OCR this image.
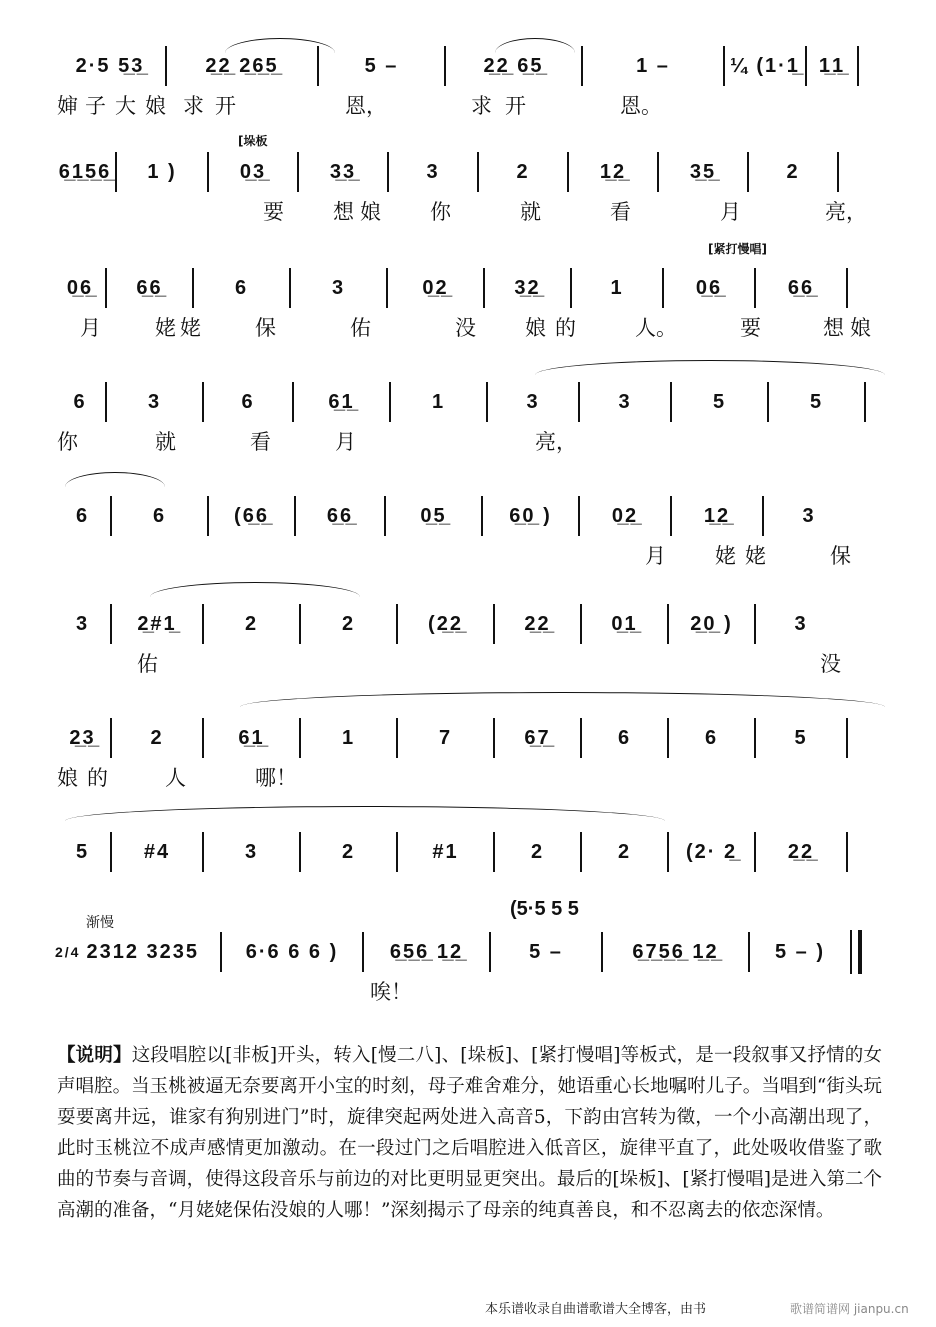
2·5 5̲3̲	2̲2̲ 2̲6̲5̲	5 –	2̲2̲ 6̲5̲	1 –	¼ (1·1̲ 1̲1̲
婶 子 大 娘 求 开	恩，	求 开	恩。
[垛板
6̲1̲5̲6̲	1 )	0̲3̲	3̲3̲	3	2	1̲2̲	3̲5̲	2
要 想 娘 你	就	看	月	亮，
[紧打慢唱]
0̲6̲	6̲6̲	6	3	0̲2̲	3̲2̲	1	0̲6̲	6̲6̲
月	姥 姥	保	佑	没 娘 的	人。	要	想 娘
6	3	6	6̲1̲	1	3	3	5	5
你	就	看	月	亮，
6	6	(6̲6̲	6̲6̲	0̲5̲	6̲0̲ )	0̲2̲	1̲2̲	3
月 姥 姥	保
3	2̲#1̲	2	2	(2̲2̲	2̲2̲	0̲1̲	2̲0̲ )	3
佑	没
2̲3̲	2	6̲1̲	1	7	6̲7̲	6	6	5
娘 的	人	哪！
5	#4	3	2	#1	2	2	(2· 2̲	2̲2̲
渐慢
(5·5 5 5
2/4 2312 3235	6·6 6 6 )	6̲5̲6̲ 1̲2̲	5 –	6̲7̲5̲6̲ 1̲2̲	5 – )
唉！
【说明】这段唱腔以[非板]开头，转入[慢二八]、[垛板]、[紧打慢唱]等板式，是一段叙事又抒情的女声唱腔。当玉桃被逼无奈要离开小宝的时刻，母子难舍难分，她语重心长地嘱咐儿子。当唱到“街头玩耍要离井远，谁家有狗别进门”时，旋律突起两处进入高音5，下韵由宫转为徵，一个小高潮出现了，此时玉桃泣不成声感情更加激动。在一段过门之后唱腔进入低音区，旋律平直了，此处吸收借鉴了歌曲的节奏与音调，使得这段音乐与前边的对比更明显更突出。最后的[垛板]、[紧打慢唱]是进入第二个高潮的准备，“月姥姥保佑没娘的人哪！”深刻揭示了母亲的纯真善良，和不忍离去的依恋深情。
本乐谱收录自曲谱歌谱大全博客，由书	歌谱简谱网 jianpu.cn
